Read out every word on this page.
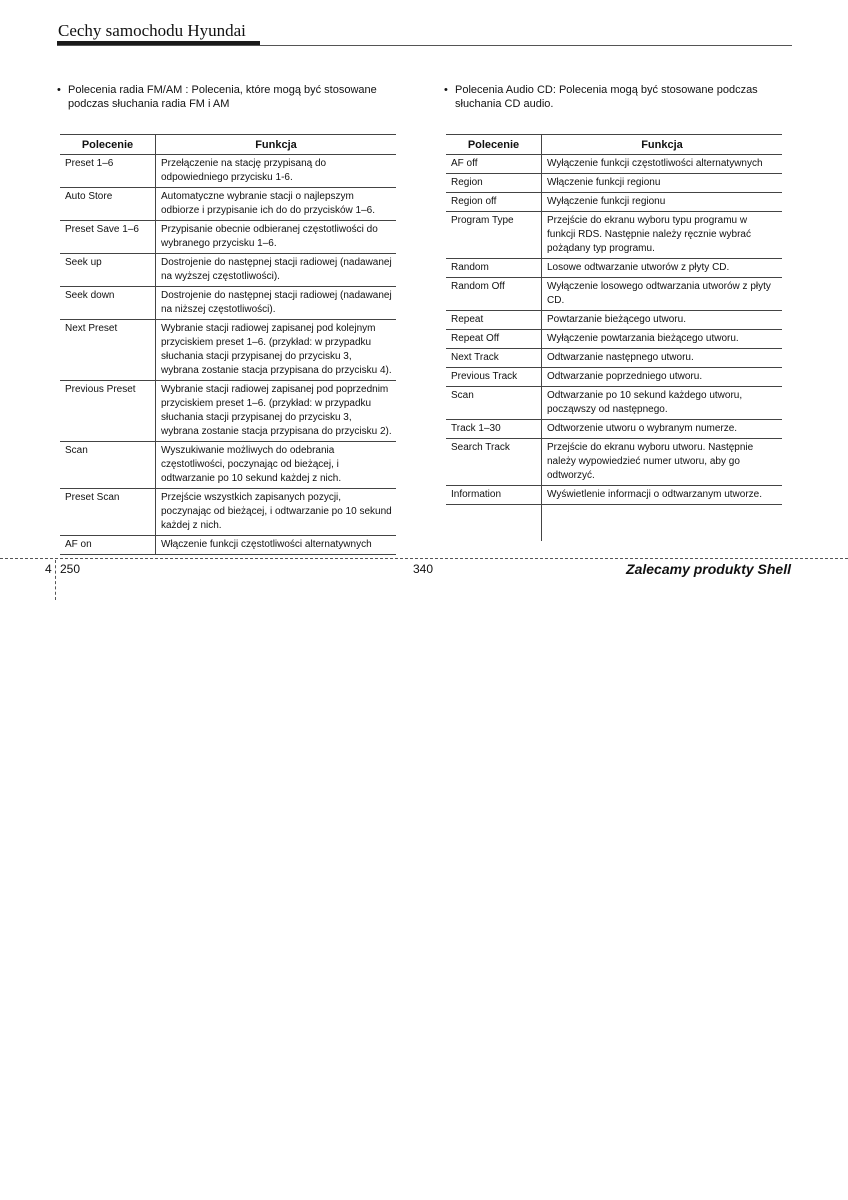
Cechy samochodu Hyundai
• Polecenia radia FM/AM : Polecenia, które mogą być stosowane podczas słuchania radia FM i AM
• Polecenia Audio CD: Polecenia mogą być stosowane podczas słuchania CD audio.
Polecenie	Funkcja
Preset 1–6	Przełączenie na stację przypisaną do odpowiedniego przycisku 1-6.
Auto Store	Automatyczne wybranie stacji o najlepszym odbiorze i przypisanie ich do do przycisków 1–6.
Preset Save 1–6	Przypisanie obecnie odbieranej częstotliwości do wybranego przycisku 1–6.
Seek up	Dostrojenie do następnej stacji radiowej (nadawanej na wyższej częstotliwości).
Seek down	Dostrojenie do następnej stacji radiowej (nadawanej na niższej częstotliwości).
Next Preset	Wybranie stacji radiowej zapisanej pod kolejnym przyciskiem preset 1–6. (przykład: w przypadku słuchania stacji przypisanej do przycisku 3, wybrana zostanie stacja przypisana do przycisku 4).
Previous Preset	Wybranie stacji radiowej zapisanej pod poprzednim przyciskiem preset 1–6. (przykład: w przypadku słuchania stacji przypisanej do przycisku 3, wybrana zostanie stacja przypisana do przycisku 2).
Scan	Wyszukiwanie możliwych do odebrania częstotliwości, poczynając od bieżącej, i odtwarzanie po 10 sekund każdej z nich.
Preset Scan	Przejście wszystkich zapisanych pozycji, poczynając od bieżącej, i odtwarzanie po 10 sekund każdej z nich.
AF on	Włączenie funkcji częstotliwości alternatywnych
Polecenie	Funkcja
AF off	Wyłączenie funkcji częstotliwości alternatywnych
Region	Włączenie funkcji regionu
Region off	Wyłączenie funkcji regionu
Program Type	Przejście do ekranu wyboru typu programu w funkcji RDS. Następnie należy ręcznie wybrać pożądany typ programu.
Random	Losowe odtwarzanie utworów z płyty CD.
Random Off	Wyłączenie losowego odtwarzania utworów z płyty CD.
Repeat	Powtarzanie bieżącego utworu.
Repeat Off	Wyłączenie powtarzania bieżącego utworu.
Next Track	Odtwarzanie następnego utworu.
Previous Track	Odtwarzanie poprzedniego utworu.
Scan	Odtwarzanie po 10 sekund każdego utworu, począwszy od następnego.
Track 1–30	Odtworzenie utworu o wybranym numerze.
Search Track	Przejście do ekranu wyboru utworu. Następnie należy wypowiedzieć numer utworu, aby go odtworzyć.
Information	Wyświetlenie informacji o odtwarzanym utworze.

4 250	340	Zalecamy produkty Shell
